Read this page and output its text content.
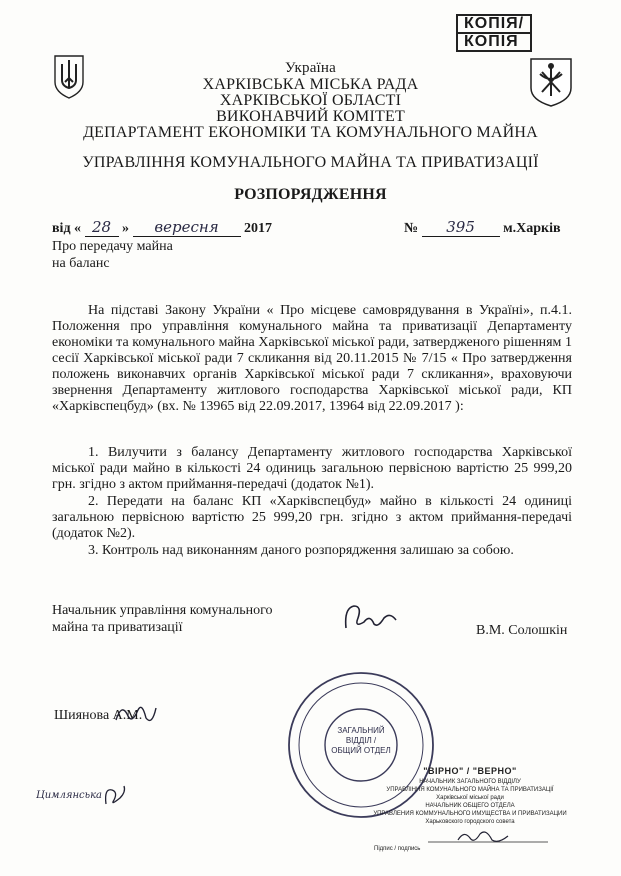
КОПІЯ/
КОПІЯ
Україна
ХАРКІВСЬКА МІСЬКА РАДА
ХАРКІВСЬКОЇ ОБЛАСТІ
ВИКОНАВЧИЙ КОМІТЕТ
ДЕПАРТАМЕНТ ЕКОНОМІКИ ТА КОМУНАЛЬНОГО МАЙНА
УПРАВЛІННЯ КОМУНАЛЬНОГО МАЙНА ТА ПРИВАТИЗАЦІЇ
РОЗПОРЯДЖЕННЯ
від « 28 » вересня 2017	№ 395 м.Харків
Про передачу майна
на баланс
На підставі Закону України « Про місцеве самоврядування в Україні», п.4.1. Положення про управління комунального майна та приватизації Департаменту економіки та комунального майна Харківської міської ради, затвердженого рішенням 1 сесії Харківської міської ради 7 скликання від 20.11.2015 № 7/15 « Про затвердження положень виконавчих органів Харківської міської ради 7 скликання», враховуючи звернення Департаменту житлового господарства Харківської міської ради, КП «Харківспецбуд» (вх. № 13965 від 22.09.2017, 13964 від 22.09.2017 ):
1. Вилучити з балансу Департаменту житлового господарства Харківської міської ради майно в кількості 24 одиниць загальною первісною вартістю 25 999,20 грн. згідно з актом приймання-передачі (додаток №1).
2. Передати на баланс КП «Харківспецбуд» майно в кількості 24 одиниці загальною первісною вартістю 25 999,20 грн. згідно з актом приймання-передачі (додаток №2).
3. Контроль над виконанням даного розпорядження залишаю за собою.
Начальник управління комунального
майна та приватизації	В.М. Солошкін
Шиянова А.М.
Цимлянська
ЗАГАЛЬНИЙ
ВІДДІЛ /
ОБЩИЙ ОТДЕЛ
"ВІРНО" / "ВЕРНО"
НАЧАЛЬНИК ЗАГАЛЬНОГО ВІДДІЛУ
УПРАВЛІННЯ КОМУНАЛЬНОГО МАЙНА ТА ПРИВАТИЗАЦІЇ
Харківської міської ради
НАЧАЛЬНИК ОБЩЕГО ОТДЕЛА
УПРАВЛЕНИЯ КОММУНАЛЬНОГО ИМУЩЕСТВА И ПРИВАТИЗАЦИИ
Харьковского городского совета
Підпис / подпись
